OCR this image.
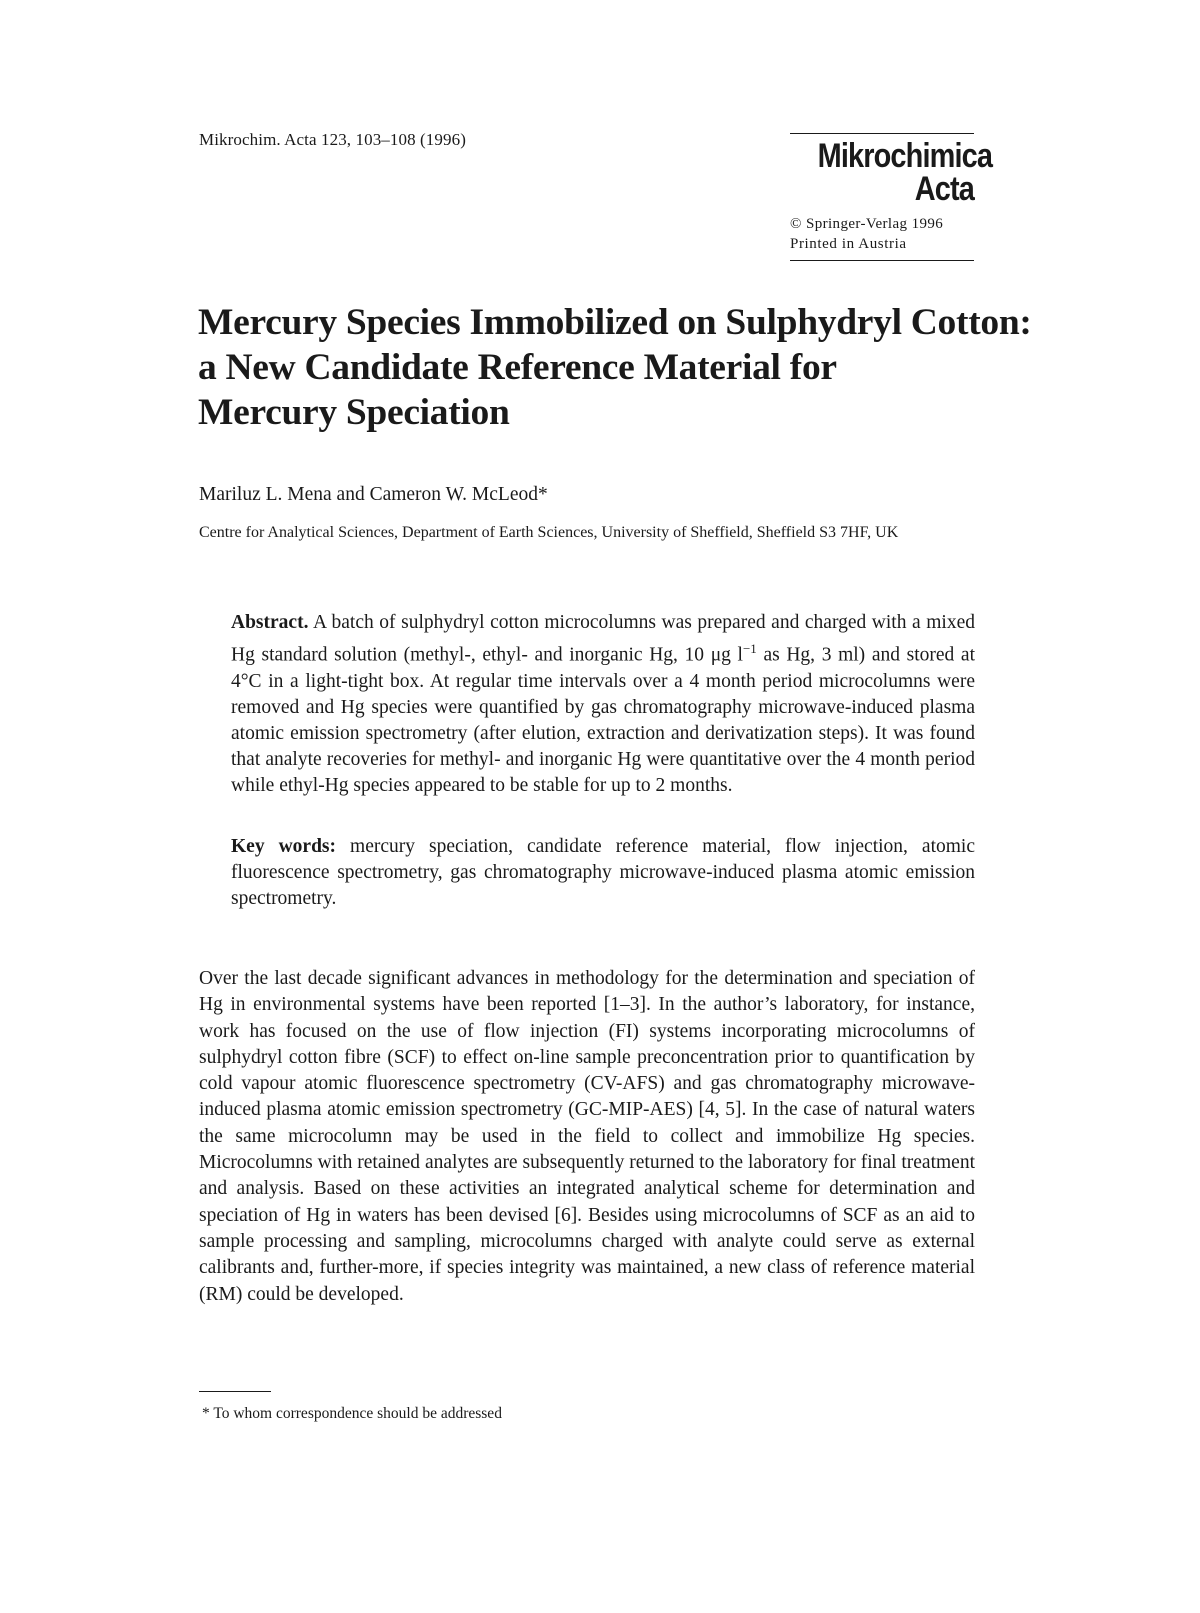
Mikrochim. Acta 123, 103–108 (1996)	Mikrochimica
Acta
© Springer-Verlag 1996
Printed in Austria
Mercury Species Immobilized on Sulphydryl Cotton:
a New Candidate Reference Material for
Mercury Speciation
Mariluz L. Mena and Cameron W. McLeod*
Centre for Analytical Sciences, Department of Earth Sciences, University of Sheffield, Sheffield S3 7HF, UK
Abstract. A batch of sulphydryl cotton microcolumns was prepared and charged with a mixed Hg standard solution (methyl-, ethyl- and inorganic Hg, 10 μg $l^{-1}$ as Hg, 3 ml) and stored at 4°C in a light-tight box. At regular time intervals over a 4 month period microcolumns were removed and Hg species were quantified by gas chromatography microwave-induced plasma atomic emission spectrometry (after elution, extraction and derivatization steps). It was found that analyte recoveries for methyl- and inorganic Hg were quantitative over the 4 month period while ethyl-Hg species appeared to be stable for up to 2 months.
Key words: mercury speciation, candidate reference material, flow injection, atomic fluorescence spectrometry, gas chromatography microwave-induced plasma atomic emission spectrometry.
Over the last decade significant advances in methodology for the determination and speciation of Hg in environmental systems have been reported [1–3]. In the author’s laboratory, for instance, work has focused on the use of flow injection (FI) systems incorporating microcolumns of sulphydryl cotton fibre (SCF) to effect on-line sample preconcentration prior to quantification by cold vapour atomic fluorescence spectrometry (CV-AFS) and gas chromatography microwave-induced plasma atomic emission spectrometry (GC-MIP-AES) [4, 5]. In the case of natural waters the same microcolumn may be used in the field to collect and immobilize Hg species. Microcolumns with retained analytes are subsequently returned to the laboratory for final treatment and analysis. Based on these activities an integrated analytical scheme for determination and speciation of Hg in waters has been devised [6]. Besides using microcolumns of SCF as an aid to sample processing and sampling, microcolumns charged with analyte could serve as external calibrants and, further-more, if species integrity was maintained, a new class of reference material (RM) could be developed.
* To whom correspondence should be addressed
